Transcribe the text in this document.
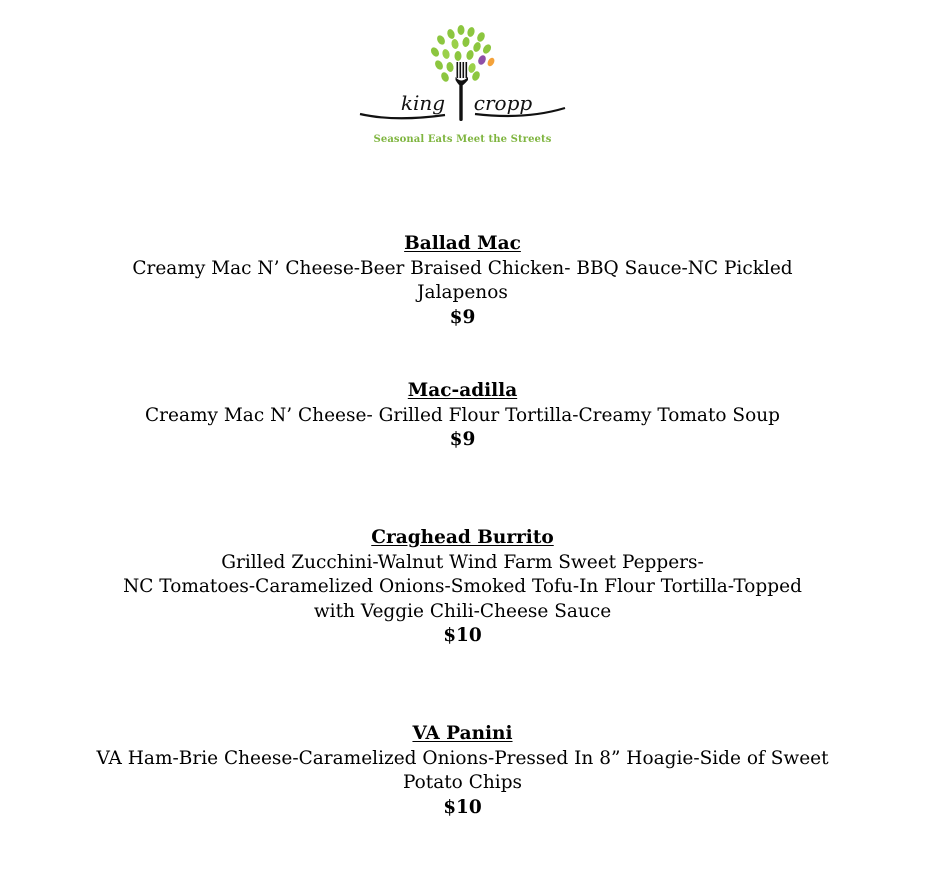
king cropp
Seasonal Eats Meet the Streets
Ballad Mac
Creamy Mac N’ Cheese-Beer Braised Chicken- BBQ Sauce-NC Pickled
Jalapenos
$9
Mac-adilla
Creamy Mac N’ Cheese- Grilled Flour Tortilla-Creamy Tomato Soup
$9
Craghead Burrito
Grilled Zucchini-Walnut Wind Farm Sweet Peppers-
NC Tomatoes-Caramelized Onions-Smoked Tofu-In Flour Tortilla-Topped
with Veggie Chili-Cheese Sauce
$10
VA Panini
VA Ham-Brie Cheese-Caramelized Onions-Pressed In 8” Hoagie-Side of Sweet
Potato Chips
$10
